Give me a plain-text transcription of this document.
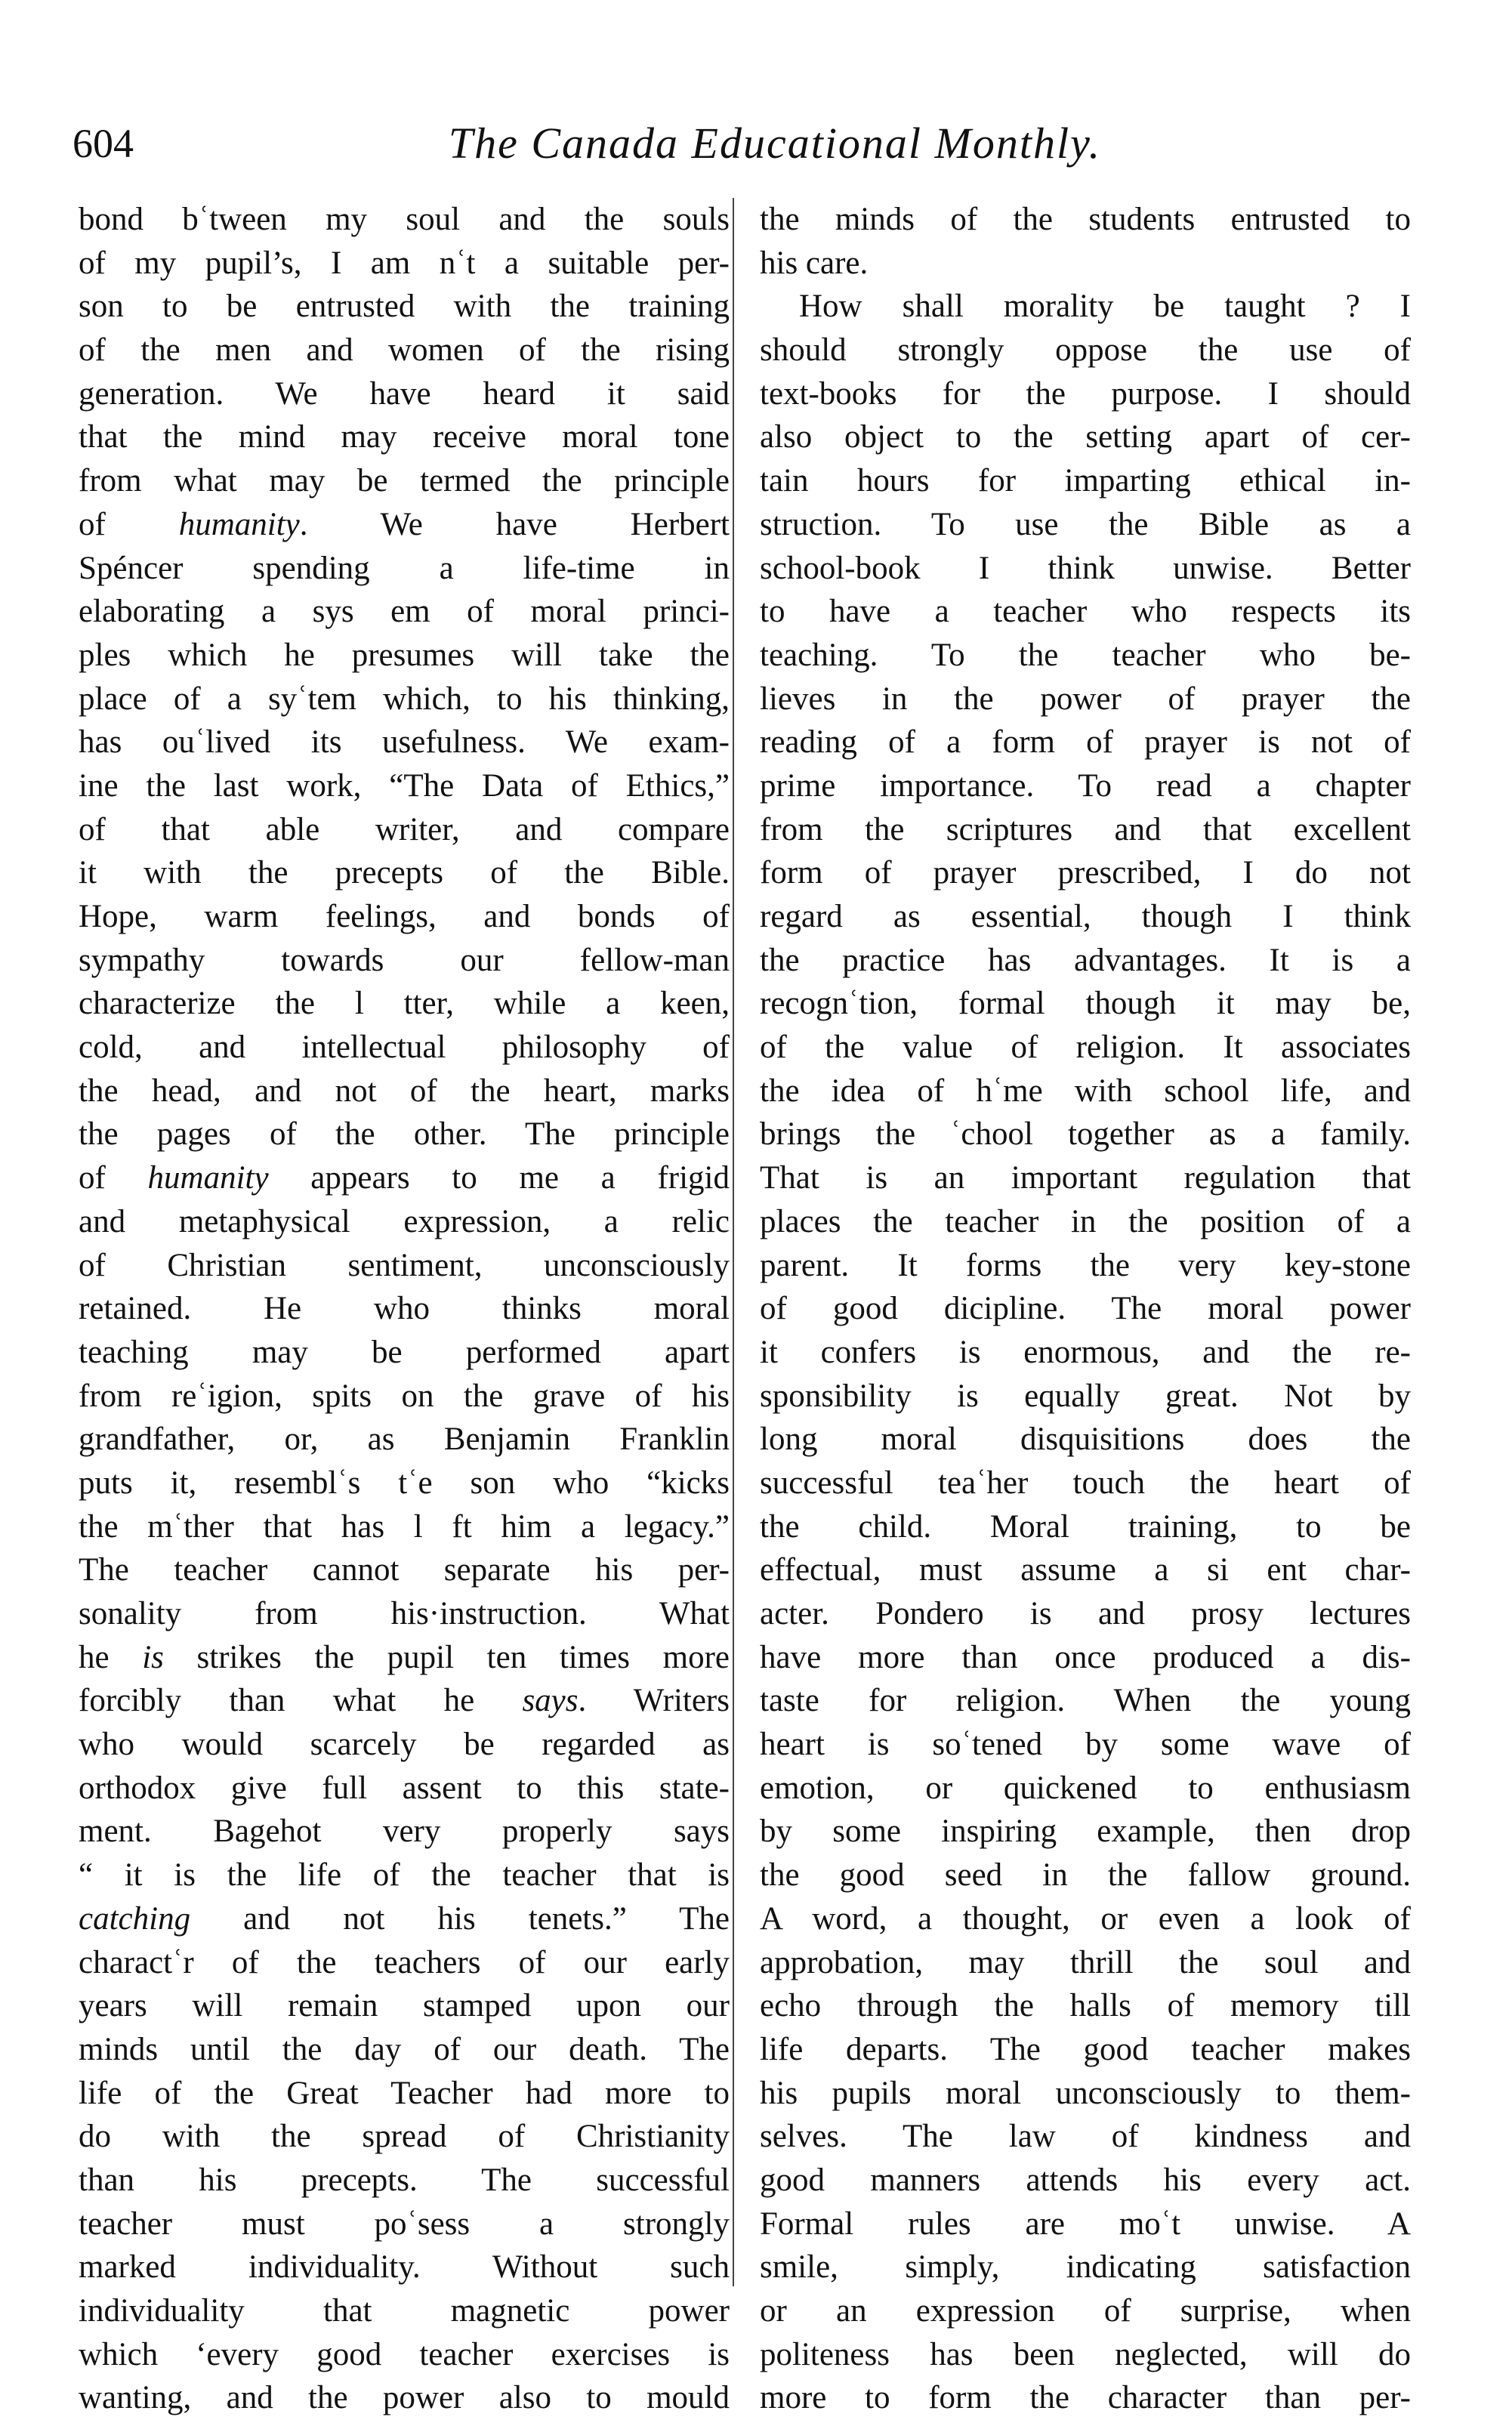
604	The Canada Educational Monthly.
bond bʿtween my soul and the souls
of my pupil’s, I am nʿt a suitable per-
son to be entrusted with the training
of the men and women of the rising
generation. We have heard it said
that the mind may receive moral tone
from what may be termed the principle
of humanity. We have Herbert
Spéncer spending a life-time in
elaborating a sys em of moral princi-
ples which he presumes will take the
place of a syʿtem which, to his thinking,
has ouʿlived its usefulness. We exam-
ine the last work, “The Data of Ethics,”
of that able writer, and compare
it with the precepts of the Bible.
Hope, warm feelings, and bonds of
sympathy towards our fellow-man
characterize the l tter, while a keen,
cold, and intellectual philosophy of
the head, and not of the heart, marks
the pages of the other. The principle
of humanity appears to me a frigid
and metaphysical expression, a relic
of Christian sentiment, unconsciously
retained. He who thinks moral
teaching may be performed apart
from reʿigion, spits on the grave of his
grandfather, or, as Benjamin Franklin
puts it, resemblʿs tʿe son who “kicks
the mʿther that has l ft him a legacy.”
The teacher cannot separate his per-
sonality from his·instruction. What
he is strikes the pupil ten times more
forcibly than what he says. Writers
who would scarcely be regarded as
orthodox give full assent to this state-
ment. Bagehot very properly says
“ it is the life of the teacher that is
catching and not his tenets.” The
charactʿr of the teachers of our early
years will remain stamped upon our
minds until the day of our death. The
life of the Great Teacher had more to
do with the spread of Christianity
than his precepts. The successful
teacher must poʿsess a strongly
marked individuality. Without such
individuality that magnetic power
which ‘every good teacher exercises is
wanting, and the power also to mould
the minds of the students entrusted to
his care.
How shall morality be taught ? I
should strongly oppose the use of
text-books for the purpose. I should
also object to the setting apart of cer-
tain hours for imparting ethical in-
struction. To use the Bible as a
school-book I think unwise. Better
to have a teacher who respects its
teaching. To the teacher who be-
lieves in the power of prayer the
reading of a form of prayer is not of
prime importance. To read a chapter
from the scriptures and that excellent
form of prayer prescribed, I do not
regard as essential, though I think
the practice has advantages. It is a
recognʿtion, formal though it may be,
of the value of religion. It associates
the idea of hʿme with school life, and
brings the ʿchool together as a family.
That is an important regulation that
places the teacher in the position of a
parent. It forms the very key-stone
of good dicipline. The moral power
it confers is enormous, and the re-
sponsibility is equally great. Not by
long moral disquisitions does the
successful teaʿher touch the heart of
the child. Moral training, to be
effectual, must assume a si ent char-
acter. Pondero is and prosy lectures
have more than once produced a dis-
taste for religion. When the young
heart is soʿtened by some wave of
emotion, or quickened to enthusiasm
by some inspiring example, then drop
the good seed in the fallow ground.
A word, a thought, or even a look of
approbation, may thrill the soul and
echo through the halls of memory till
life departs. The good teacher makes
his pupils moral unconsciously to them-
selves. The law of kindness and
good manners attends his every act.
Formal rules are moʿt unwise. A
smile, simply, indicating satisfaction
or an expression of surprise, when
politeness has been neglected, will do
more to form the character than per-
